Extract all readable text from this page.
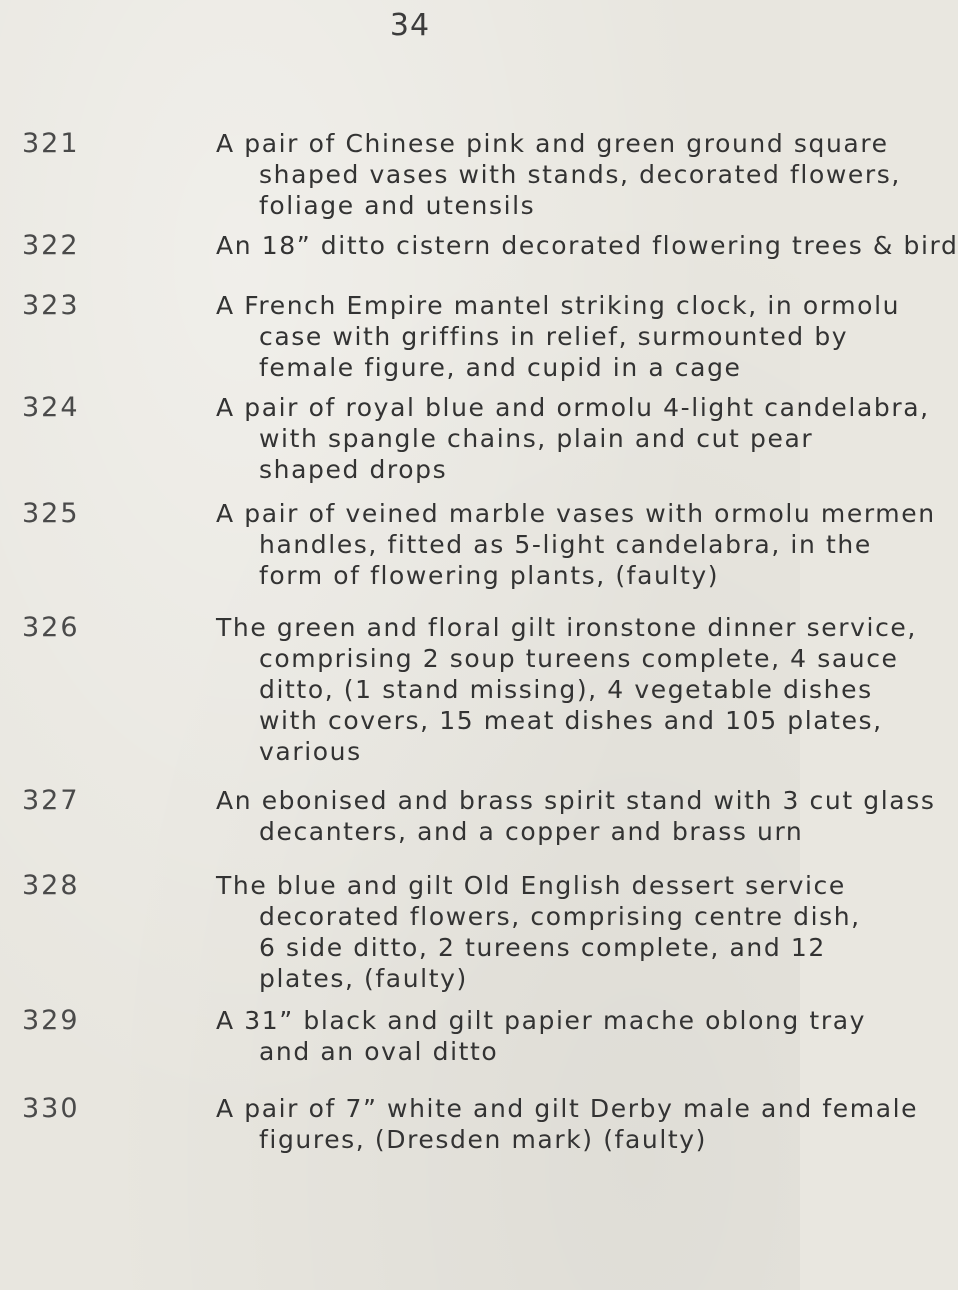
34
321	A pair of Chinese pink and green ground square
shaped vases with stands, decorated flowers,
foliage and utensils
322	An 18” ditto cistern decorated flowering trees & bird
323	A French Empire mantel striking clock, in ormolu
case with griffins in relief, surmounted by
female figure, and cupid in a cage
324	A pair of royal blue and ormolu 4-light candelabra,
with spangle chains, plain and cut pear
shaped drops
325	A pair of veined marble vases with ormolu mermen
handles, fitted as 5-light candelabra, in the
form of flowering plants, (faulty)
326	The green and floral gilt ironstone dinner service,
comprising 2 soup tureens complete, 4 sauce
ditto, (1 stand missing), 4 vegetable dishes
with covers, 15 meat dishes and 105 plates,
various
327	An ebonised and brass spirit stand with 3 cut glass
decanters, and a copper and brass urn
328	The blue and gilt Old English dessert service
decorated flowers, comprising centre dish,
6 side ditto, 2 tureens complete, and 12
plates, (faulty)
329	A 31” black and gilt papier mache oblong tray
and an oval ditto
330	A pair of 7” white and gilt Derby male and female
figures, (Dresden mark) (faulty)
